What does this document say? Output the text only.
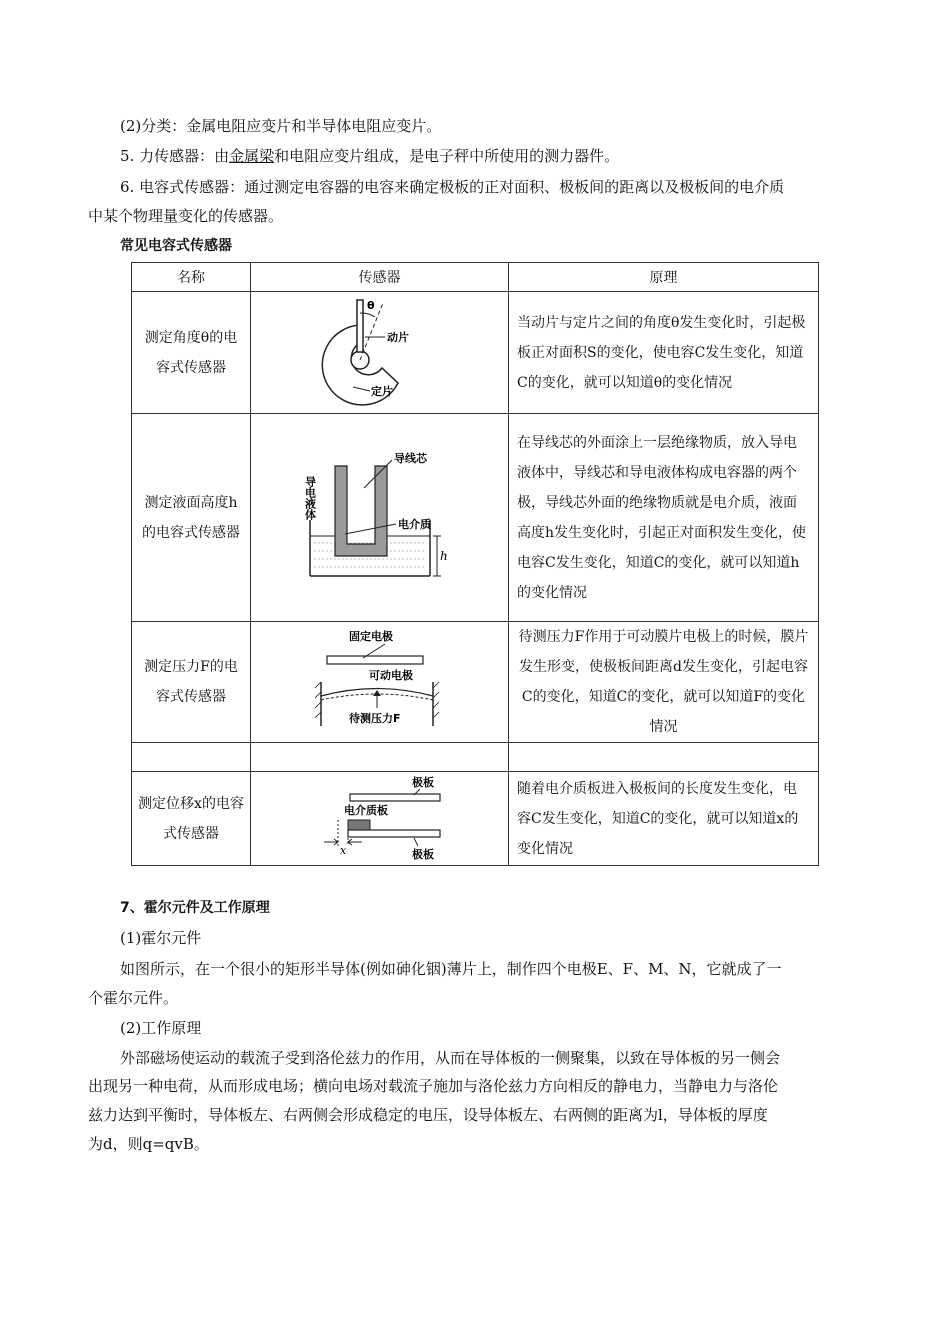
(2)分类：金属电阻应变片和半导体电阻应变片。
5. 力传感器：由金属梁和电阻应变片组成，是电子秤中所使用的测力器件。
6. 电容式传感器：通过测定电容器的电容来确定极板的正对面积、极板间的距离以及极板间的电介质
中某个物理量变化的传感器。
常见电容式传感器
名称	传感器	原理
测定角度θ的电容式传感器	θ
动片
定片	当动片与定片之间的角度θ发生变化时，引起极板正对面积S的变化，使电容C发生变化，知道C的变化，就可以知道θ的变化情况
测定液面高度h的电容式传感器	导线芯
导电液体
电介质
h	在导线芯的外面涂上一层绝缘物质，放入导电液体中，导线芯和导电液体构成电容器的两个极，导线芯外面的绝缘物质就是电介质，液面高度h发生变化时，引起正对面积发生变化，使电容C发生变化，知道C的变化，就可以知道h的变化情况
测定压力F的电容式传感器	固定电极
可动电极
待测压力F	待测压力F作用于可动膜片电极上的时候，膜片发生形变，使极板间距离d发生变化，引起电容C的变化，知道C的变化，就可以知道F的变化情况

测定位移x的电容式传感器	极板
电介质板
x 极板	随着电介质板进入极板间的长度发生变化，电容C发生变化，知道C的变化，就可以知道x的变化情况
7、霍尔元件及工作原理
(1)霍尔元件
如图所示，在一个很小的矩形半导体(例如砷化铟)薄片上，制作四个电极E、F、M、N，它就成了一
个霍尔元件。
(2)工作原理
外部磁场使运动的载流子受到洛伦兹力的作用，从而在导体板的一侧聚集，以致在导体板的另一侧会
出现另一种电荷，从而形成电场；横向电场对载流子施加与洛伦兹力方向相反的静电力，当静电力与洛伦
兹力达到平衡时，导体板左、右两侧会形成稳定的电压，设导体板左、右两侧的距离为l，导体板的厚度
为d，则q=qvB。
